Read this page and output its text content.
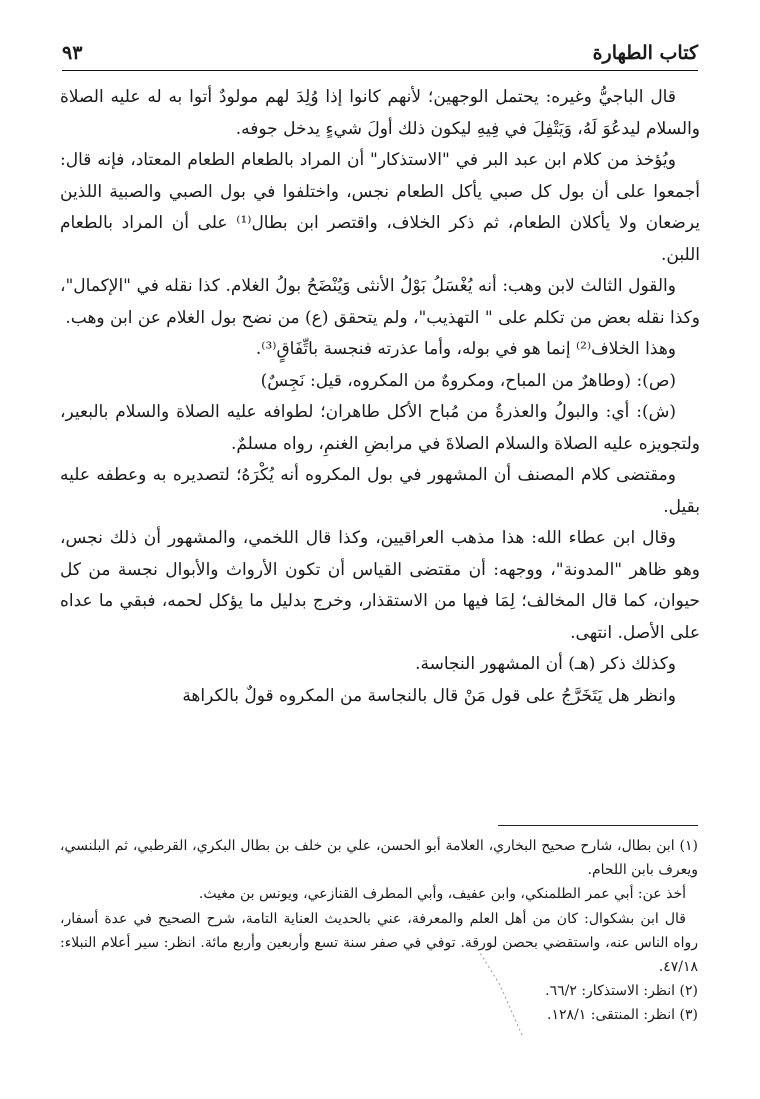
كتاب الطهارة
٩٣

قال الباجيُّ وغيره: يحتمل الوجهين؛ لأنهم كانوا إذا وُلِدَ لهم مولودٌ أتوا به له عليه الصلاة والسلام ليدعُوَ لَهُ، وَيَتْفِلَ في فِيهِ ليكون ذلك أولَ شيءٍ يدخل جوفه.

ويُؤخذ من كلام ابن عبد البر في "الاستذكار" أن المراد بالطعام الطعام المعتاد، فإنه قال: أجمعوا على أن بول كل صبي يأكل الطعام نجس، واختلفوا في بول الصبي والصبية اللذين يرضعان ولا يأكلان الطعام، ثم ذكر الخلاف، واقتصر ابن بطال⁽¹⁾ على أن المراد بالطعام اللبن.

والقول الثالث لابن وهب: أنه يُغْسَلُ بَوْلُ الأنثى وَيُنْضَحُ بولُ الغلام. كذا نقله في "الإكمال"، وكذا نقله بعض من تكلم على " التهذيب"، ولم يتحقق (ع) من نضح بول الغلام عن ابن وهب.

وهذا الخلاف⁽²⁾ إنما هو في بوله، وأما عذرته فنجسة باتِّفَاقٍ⁽³⁾.

(ص): (وطاهرٌ من المباح، ومكروهٌ من المكروه، قيل: نَجِسٌ)

(ش): أي: والبولُ والعذرةُ من مُباح الأكل طاهران؛ لطوافه عليه الصلاة والسلام بالبعير، ولتجويزه عليه الصلاة والسلام الصلاةَ في مرابضِ الغنمِ، رواه مسلمٌ.

ومقتضى كلام المصنف أن المشهور في بول المكروه أنه يُكْرَهُ؛ لتصديره به وعطفه عليه بقيل.

وقال ابن عطاء الله: هذا مذهب العراقيين، وكذا قال اللخمي، والمشهور أن ذلك نجس، وهو ظاهر "المدونة"، ووجهه: أن مقتضى القياس أن تكون الأرواث والأبوال نجسة من كل حيوان، كما قال المخالف؛ لِمَا فيها من الاستقذار، وخرج بدليل ما يؤكل لحمه، فبقي ما عداه على الأصل. انتهى.

وكذلك ذكر (هـ) أن المشهور النجاسة.

وانظر هل يَتَخَرَّجُ على قول مَنْ قال بالنجاسة من المكروه قولٌ بالكراهة

(١) ابن بطال، شارح صحيح البخاري، العلامة أبو الحسن، علي بن خلف بن بطال البكري، القرطبي، ثم البلنسي، ويعرف بابن اللحام.

أخذ عن: أبي عمر الطلمنكي، وابن عفيف، وأبي المطرف القنازعي، ويونس بن مغيث.

قال ابن بشكوال: كان من أهل العلم والمعرفة، عني بالحديث العناية التامة، شرح الصحيح في عدة أسفار، رواه الناس عنه، واستقضي بحصن لورقة. توفي في صفر سنة تسع وأربعين وأربع مائة. انظر: سير أعلام النبلاء: ٤٧/١٨.

(٢) انظر: الاستذكار: ٦٦/٢.

(٣) انظر: المنتقى: ١٢٨/١.
